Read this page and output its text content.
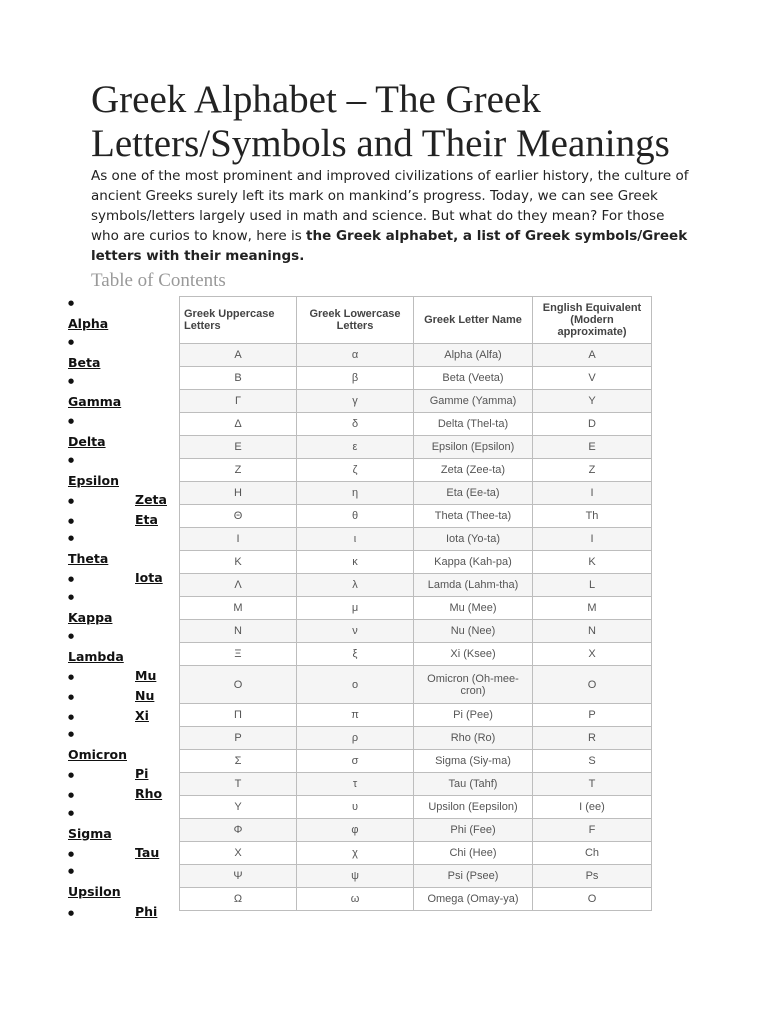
Greek Alphabet – The Greek Letters/Symbols and Their Meanings

As one of the most prominent and improved civilizations of earlier history, the culture of ancient Greeks surely left its mark on mankind’s progress. Today, we can see Greek symbols/letters largely used in math and science. But what do they mean? For those who are curios to know, here is the Greek alphabet, a list of Greek symbols/Greek letters with their meanings.

Table of Contents
●
Alpha
●
Beta
●
Gamma
●
Delta
●
Epsilon
●	Zeta
●	Eta
●
Theta
●	Iota
●
Kappa
●
Lambda
●	Mu
●	Nu
●	Xi
●
Omicron
●	Pi
●	Rho
●
Sigma
●	Tau
●
Upsilon
●	Phi
Greek Uppercase Letters	Greek Lowercase Letters	Greek Letter Name	English Equivalent (Modern approximate)
Α	α	Alpha (Alfa)	A
Β	β	Beta (Veeta)	V
Γ	γ	Gamme (Yamma)	Y
Δ	δ	Delta (Thel-ta)	D
Ε	ε	Epsilon (Epsilon)	E
Ζ	ζ	Zeta (Zee-ta)	Z
Η	η	Eta (Ee-ta)	I
Θ	θ	Theta (Thee-ta)	Th
Ι	ι	Iota (Yo-ta)	I
Κ	κ	Kappa (Kah-pa)	K
Λ	λ	Lamda (Lahm-tha)	L
Μ	μ	Mu (Mee)	M
Ν	ν	Nu (Nee)	N
Ξ	ξ	Xi (Ksee)	X
Ο	ο	Omicron (Oh-mee-cron)	O
Π	π	Pi (Pee)	P
Ρ	ρ	Rho (Ro)	R
Σ	σ	Sigma (Siy-ma)	S
Τ	τ	Tau (Tahf)	T
Υ	υ	Upsilon (Eepsilon)	I (ee)
Φ	φ	Phi (Fee)	F
Χ	χ	Chi (Hee)	Ch
Ψ	ψ	Psi (Psee)	Ps
Ω	ω	Omega (Omay-ya)	O
